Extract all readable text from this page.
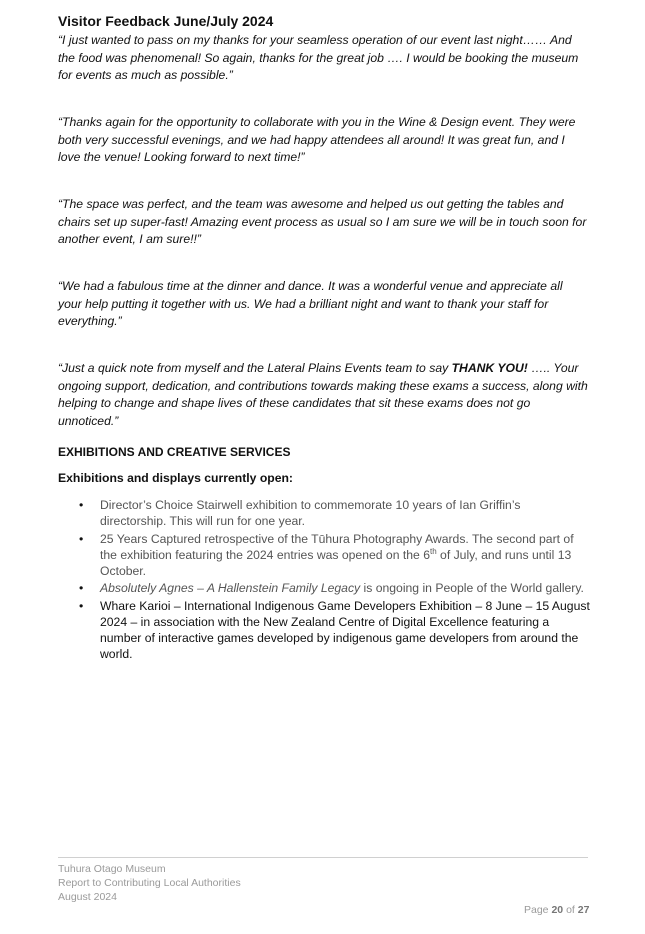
Visitor Feedback June/July 2024

“I just wanted to pass on my thanks for your seamless operation of our event last night…… And the food was phenomenal! So again, thanks for the great job …. I would be booking the museum for events as much as possible.”

“Thanks again for the opportunity to collaborate with you in the Wine & Design event. They were both very successful evenings, and we had happy attendees all around! It was great fun, and I love the venue! Looking forward to next time!”

“The space was perfect, and the team was awesome and helped us out getting the tables and chairs set up super-fast! Amazing event process as usual so I am sure we will be in touch soon for another event, I am sure!!”

“We had a fabulous time at the dinner and dance. It was a wonderful venue and appreciate all your help putting it together with us. We had a brilliant night and want to thank your staff for everything.”

“Just a quick note from myself and the Lateral Plains Events team to say THANK YOU! ….. Your ongoing support, dedication, and contributions towards making these exams a success, along with helping to change and shape lives of these candidates that sit these exams does not go unnoticed.”

EXHIBITIONS AND CREATIVE SERVICES
Exhibitions and displays currently open:
• Director’s Choice Stairwell exhibition to commemorate 10 years of Ian Griffin’s directorship. This will run for one year.
• 25 Years Captured retrospective of the Tūhura Photography Awards. The second part of the exhibition featuring the 2024 entries was opened on the 6th of July, and runs until 13 October.
• Absolutely Agnes – A Hallenstein Family Legacy is ongoing in People of the World gallery.
• Whare Karioi – International Indigenous Game Developers Exhibition – 8 June – 15 August 2024 – in association with the New Zealand Centre of Digital Excellence featuring a number of interactive games developed by indigenous game developers from around the world.
Tuhura Otago Museum
Report to Contributing Local Authorities
August 2024
Page 20 of 27
